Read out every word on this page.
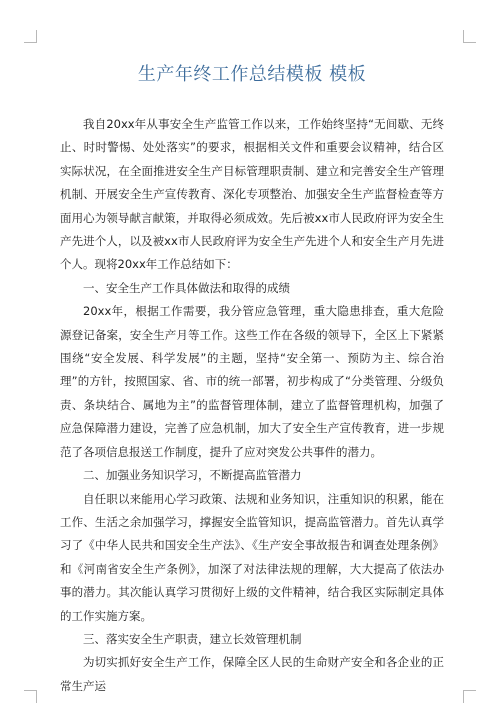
生产年终工作总结模板 模板

我自20xx年从事安全生产监管工作以来，工作始终坚持“无间歇、无终止、时时警惕、处处落实”的要求，根据相关文件和重要会议精神，结合区实际状况，在全面推进安全生产目标管理职责制、建立和完善安全生产管理机制、开展安全生产宣传教育、深化专项整治、加强安全生产监督检查等方面用心为领导献言献策，并取得必须成效。先后被xx市人民政府评为安全生产先进个人，以及被xx市人民政府评为安全生产先进个人和安全生产月先进个人。现将20xx年工作总结如下：

一、安全生产工作具体做法和取得的成绩

20xx年，根据工作需要，我分管应急管理，重大隐患排查，重大危险源登记备案，安全生产月等工作。这些工作在各级的领导下，全区上下紧紧围绕“安全发展、科学发展”的主题，坚持“安全第一、预防为主、综合治理”的方针，按照国家、省、市的统一部署，初步构成了“分类管理、分级负责、条块结合、属地为主”的监督管理体制，建立了监督管理机构，加强了应急保障潜力建设，完善了应急机制，加大了安全生产宣传教育，进一步规范了各项信息报送工作制度，提升了应对突发公共事件的潜力。

二、加强业务知识学习，不断提高监管潜力

自任职以来能用心学习政策、法规和业务知识，注重知识的积累，能在工作、生活之余加强学习，撑握安全监管知识，提高监管潜力。首先认真学习了《中华人民共和国安全生产法》、《生产安全事故报告和调查处理条例》和《河南省安全生产条例》，加深了对法律法规的理解，大大提高了依法办事的潜力。其次能认真学习贯彻好上级的文件精神，结合我区实际制定具体的工作实施方案。

三、落实安全生产职责，建立长效管理机制

为切实抓好安全生产工作，保障全区人民的生命财产安全和各企业的正常生产运
